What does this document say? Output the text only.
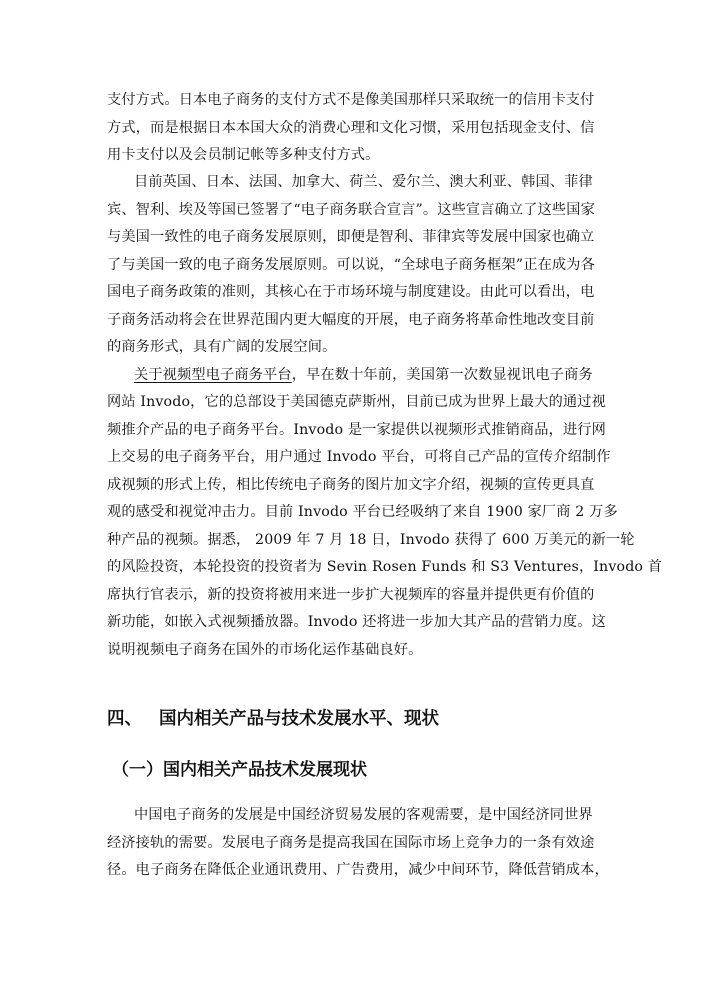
支付方式。日本电子商务的支付方式不是像美国那样只采取统一的信用卡支付
方式，而是根据日本本国大众的消费心理和文化习惯，采用包括现金支付、信
用卡支付以及会员制记帐等多种支付方式。
目前英国、日本、法国、加拿大、荷兰、爱尔兰、澳大利亚、韩国、菲律
宾、智利、埃及等国已签署了“电子商务联合宣言”。这些宣言确立了这些国家
与美国一致性的电子商务发展原则，即便是智利、菲律宾等发展中国家也确立
了与美国一致的电子商务发展原则。可以说，“全球电子商务框架”正在成为各
国电子商务政策的准则，其核心在于市场环境与制度建设。由此可以看出，电
子商务活动将会在世界范围内更大幅度的开展，电子商务将革命性地改变目前
的商务形式，具有广阔的发展空间。
关于视频型电子商务平台，早在数十年前，美国第一次数显视讯电子商务
网站 Invodo，它的总部设于美国德克萨斯州，目前已成为世界上最大的通过视
频推介产品的电子商务平台。Invodo 是一家提供以视频形式推销商品，进行网
上交易的电子商务平台，用户通过 Invodo 平台，可将自己产品的宣传介绍制作
成视频的形式上传，相比传统电子商务的图片加文字介绍，视频的宣传更具直
观的感受和视觉冲击力。目前 Invodo 平台已经吸纳了来自 1900 家厂商 2 万多
种产品的视频。据悉， 2009 年 7 月 18 日，Invodo 获得了 600 万美元的新一轮
的风险投资，本轮投资的投资者为 Sevin Rosen Funds 和 S3 Ventures，Invodo 首
席执行官表示，新的投资将被用来进一步扩大视频库的容量并提供更有价值的
新功能，如嵌入式视频播放器。Invodo 还将进一步加大其产品的营销力度。这
说明视频电子商务在国外的市场化运作基础良好。
四、 国内相关产品与技术发展水平、现状
（一）国内相关产品技术发展现状
中国电子商务的发展是中国经济贸易发展的客观需要，是中国经济同世界
经济接轨的需要。发展电子商务是提高我国在国际市场上竞争力的一条有效途
径。电子商务在降低企业通讯费用、广告费用，减少中间环节，降低营销成本，
